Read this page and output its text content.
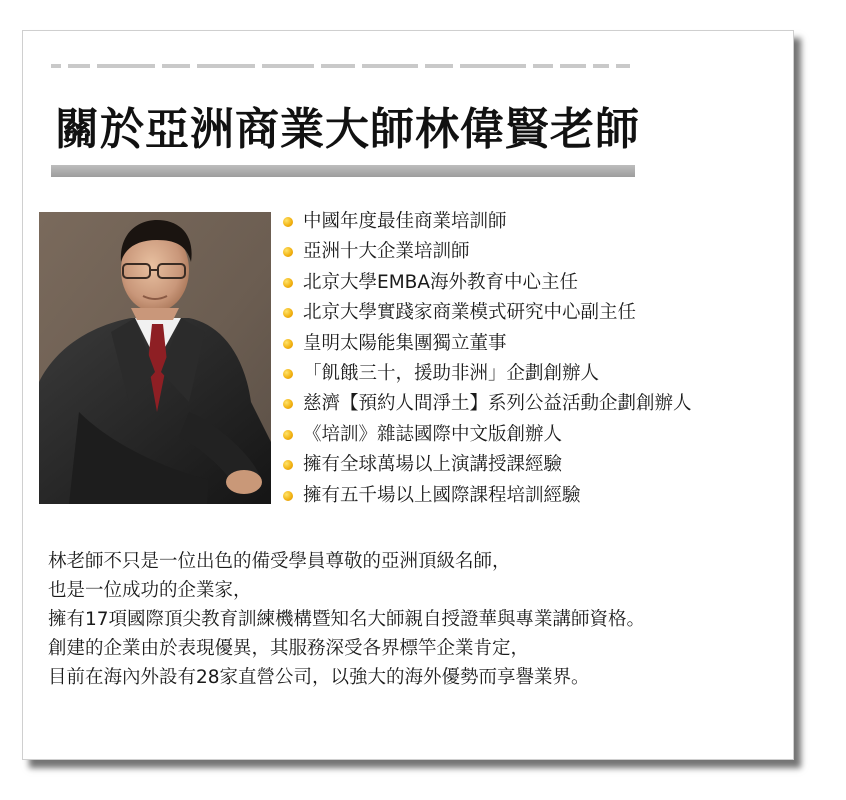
關於亞洲商業大師林偉賢老師
中國年度最佳商業培訓師
亞洲十大企業培訓師
北京大學EMBA海外教育中心主任
北京大學實踐家商業模式研究中心副主任
皇明太陽能集團獨立董事
「飢餓三十，援助非洲」企劃創辦人
慈濟【預約人間淨土】系列公益活動企劃創辦人
《培訓》雜誌國際中文版創辦人
擁有全球萬場以上演講授課經驗
擁有五千場以上國際課程培訓經驗

林老師不只是一位出色的備受學員尊敬的亞洲頂級名師，

也是一位成功的企業家，

擁有17項國際頂尖教育訓練機構暨知名大師親自授證華與專業講師資格。

創建的企業由於表現優異，其服務深受各界標竿企業肯定，

目前在海內外設有28家直營公司，以強大的海外優勢而享譽業界。
